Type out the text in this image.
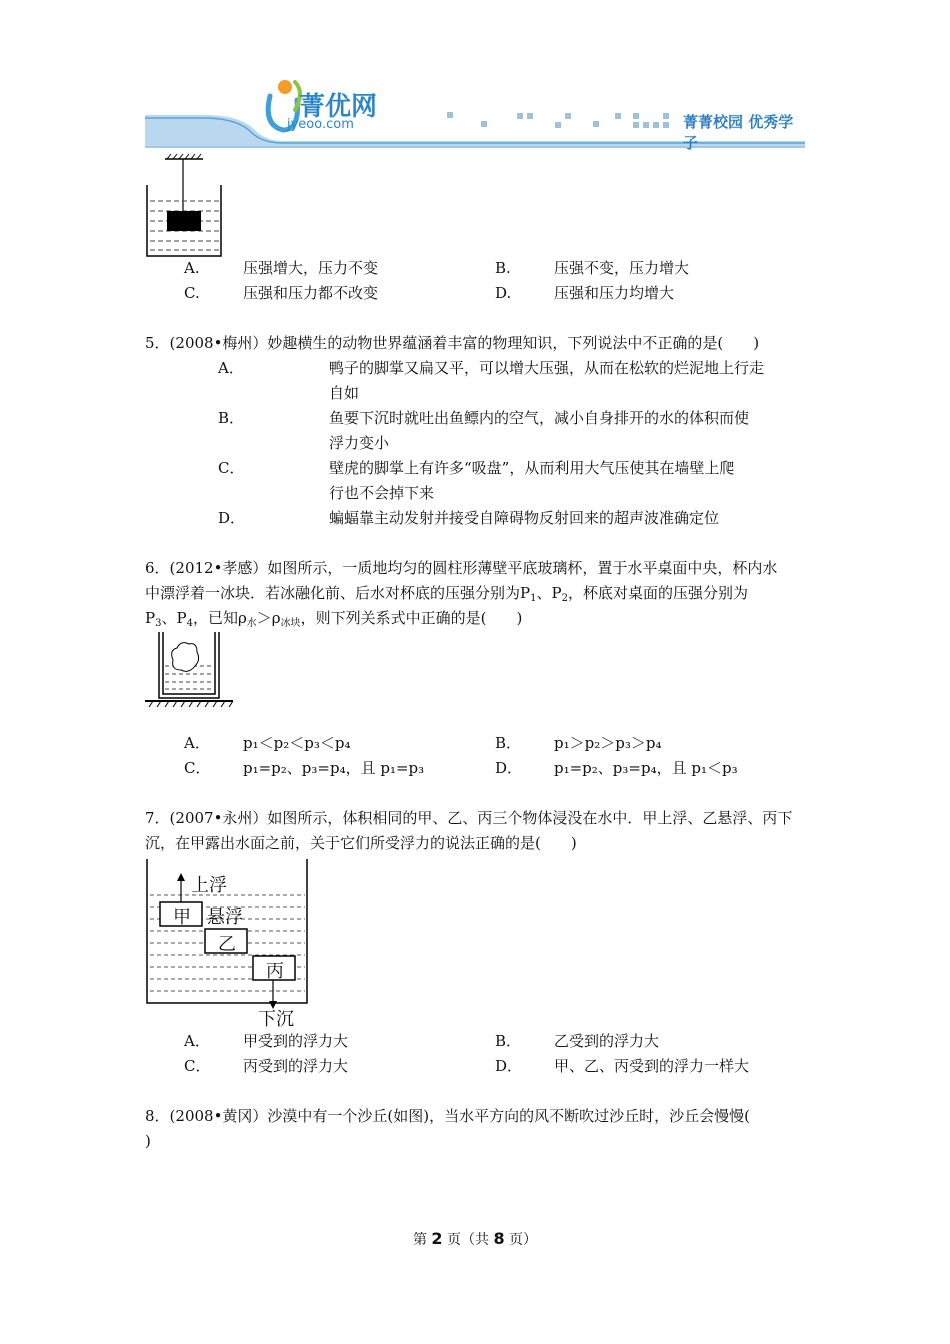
菁优网
jyeoo.com	菁菁校园 优秀学子
A.	压强增大，压力不变	B.	压强不变，压力增大
C.	压强和压力都不改变	D.	压强和压力均增大
5．(2008•梅州）妙趣横生的动物世界蕴涵着丰富的物理知识，下列说法中不正确的是(　　)
A．	鸭子的脚掌又扁又平，可以增大压强，从而在松软的烂泥地上行走
自如
B．	鱼要下沉时就吐出鱼鳔内的空气，减小自身排开的水的体积而使
浮力变小
C．	壁虎的脚掌上有许多“吸盘”，从而利用大气压使其在墙壁上爬
行也不会掉下来
D．	蝙蝠靠主动发射并接受自障碍物反射回来的超声波准确定位
6．(2012•孝感）如图所示，一质地均匀的圆柱形薄壁平底玻璃杯，置于水平桌面中央，杯内水
中漂浮着一冰块．若冰融化前、后水对杯底的压强分别为$P_1$、$P_2$，杯底对桌面的压强分别为
$P_3$、$P_4$，已知$\rho_水>\rho_{冰块}$，则下列关系式中正确的是(　　)
A． p₁＜p₂＜p₃＜p₄	B． p₁＞p₂＞p₃＞p₄
C． p₁=p₂、p₃=p₄，且 p₁=p₃	D． p₁=p₂、p₃=p₄，且 p₁＜p₃
7．(2007•永州）如图所示，体积相同的甲、乙、丙三个物体浸没在水中．甲上浮、乙悬浮、丙下
沉，在甲露出水面之前，关于它们所受浮力的说法正确的是(　　)
上浮
甲 悬浮
乙
丙
下沉
A． 甲受到的浮力大	B． 乙受到的浮力大
C． 丙受到的浮力大	D． 甲、乙、丙受到的浮力一样大
8．(2008•黄冈）沙漠中有一个沙丘(如图)，当水平方向的风不断吹过沙丘时，沙丘会慢慢(
)
第 2 页（共 8 页）
